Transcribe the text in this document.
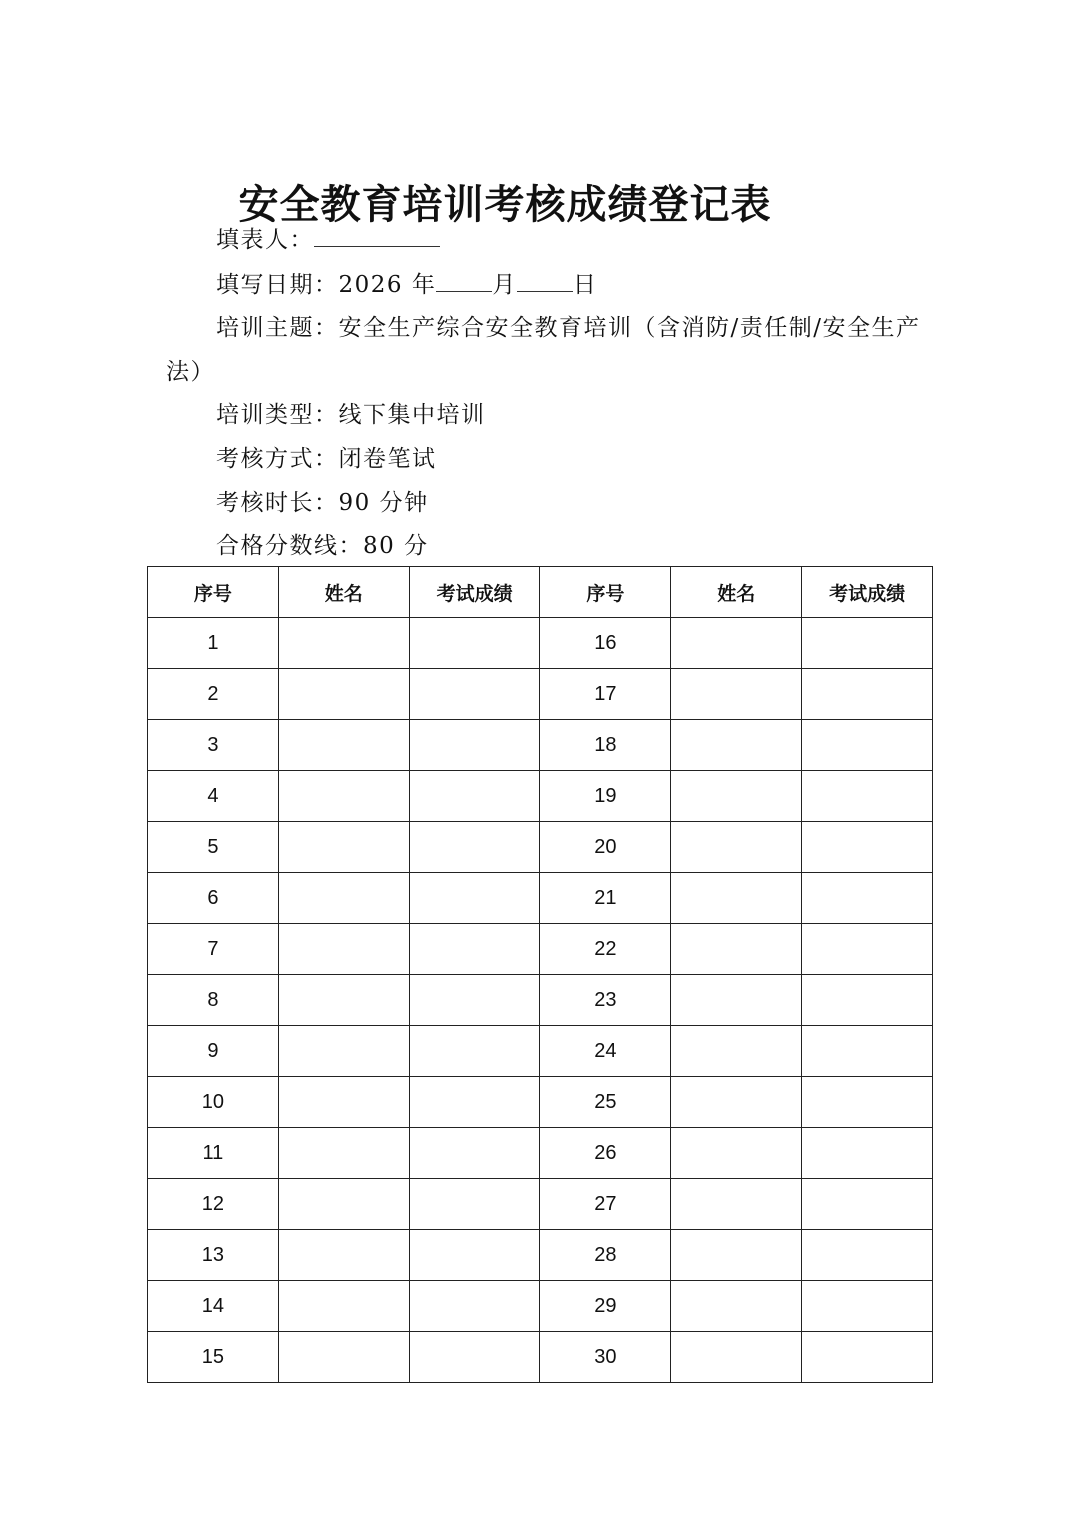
安全教育培训考核成绩登记表

填表人：

填写日期：2026 年 月 日

培训主题：安全生产综合安全教育培训（含消防/责任制/安全生产法）

培训类型：线下集中培训

考核方式：闭卷笔试

考核时长：90 分钟

合格分数线：80 分

序号	姓名	考试成绩	序号	姓名	考试成绩
1			16		
2			17		
3			18		
4			19		
5			20		
6			21		
7			22		
8			23		
9			24		
10			25		
11			26		
12			27		
13			28		
14			29		
15			30		
